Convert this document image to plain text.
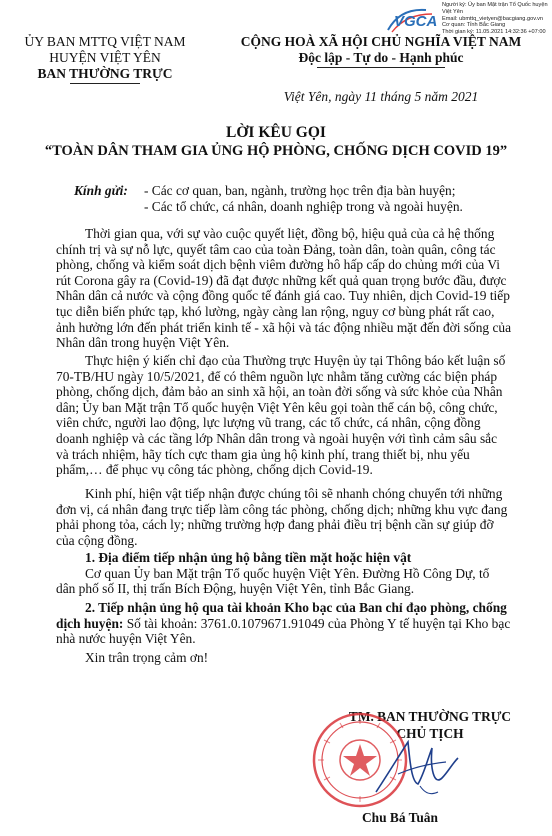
Người ký: Ủy ban Mặt trận Tổ Quốc huyện Việt Yên
Email: ubmttq_vietyen@bacgiang.gov.vn
Cơ quan: Tỉnh Bắc Giang
Thời gian ký: 11.05.2021 14:32:36 +07:00
VGCA
ỦY BAN MTTQ VIỆT NAM
HUYỆN VIỆT YÊN
BAN THƯỜNG TRỰC
CỘNG HOÀ XÃ HỘI CHỦ NGHĨA VIỆT NAM
Độc lập - Tự do - Hạnh phúc
Việt Yên, ngày 11 tháng 5 năm 2021
LỜI KÊU GỌI
“TOÀN DÂN THAM GIA ỦNG HỘ PHÒNG, CHỐNG DỊCH COVID 19”
Kính gửi: - Các cơ quan, ban, ngành, trường học trên địa bàn huyện;
- Các tổ chức, cá nhân, doanh nghiệp trong và ngoài huyện.
Thời gian qua, với sự vào cuộc quyết liệt, đồng bộ, hiệu quả của cả hệ thống
chính trị và sự nỗ lực, quyết tâm cao của toàn Đảng, toàn dân, toàn quân, công tác
phòng, chống và kiểm soát dịch bệnh viêm đường hô hấp cấp do chủng mới của Vi
rút Corona gây ra (Covid-19) đã đạt được những kết quả quan trọng bước đầu, được
Nhân dân cả nước và cộng đồng quốc tế đánh giá cao. Tuy nhiên, dịch Covid-19 tiếp
tục diễn biến phức tạp, khó lường, ngày càng lan rộng, nguy cơ bùng phát rất cao,
ảnh hưởng lớn đến phát triển kinh tế - xã hội và tác động nhiều mặt đến đời sống của
Nhân dân trong huyện Việt Yên.
Thực hiện ý kiến chỉ đạo của Thường trực Huyện ủy tại Thông báo kết luận số
70-TB/HU ngày 10/5/2021, để có thêm nguồn lực nhằm tăng cường các biện pháp
phòng, chống dịch, đảm bảo an sinh xã hội, an toàn đời sống và sức khỏe của Nhân
dân; Ủy ban Mặt trận Tổ quốc huyện Việt Yên kêu gọi toàn thể cán bộ, công chức,
viên chức, người lao động, lực lượng vũ trang, các tổ chức, cá nhân, cộng đồng
doanh nghiệp và các tầng lớp Nhân dân trong và ngoài huyện với tình cảm sâu sắc
và trách nhiệm, hãy tích cực tham gia ủng hộ kinh phí, trang thiết bị, nhu yếu
phẩm,… để phục vụ công tác phòng, chống dịch Covid-19.
Kinh phí, hiện vật tiếp nhận được chúng tôi sẽ nhanh chóng chuyển tới những
đơn vị, cá nhân đang trực tiếp làm công tác phòng, chống dịch; những khu vực đang
phải phong tỏa, cách ly; những trường hợp đang phải điều trị bệnh cần sự giúp đỡ
của cộng đồng.
1. Địa điểm tiếp nhận ủng hộ bằng tiền mặt hoặc hiện vật
Cơ quan Ủy ban Mặt trận Tổ quốc huyện Việt Yên. Đường Hồ Công Dự, tổ
dân phố số II, thị trấn Bích Động, huyện Việt Yên, tỉnh Bắc Giang.
2. Tiếp nhận ủng hộ qua tài khoản Kho bạc của Ban chỉ đạo phòng, chống
dịch huyện: Số tài khoản: 3761.0.1079671.91049 của Phòng Y tế huyện tại Kho bạc
nhà nước huyện Việt Yên.
Xin trân trọng cảm ơn!
TM. BAN THƯỜNG TRỰC
CHỦ TỊCH
Chu Bá Tuân
